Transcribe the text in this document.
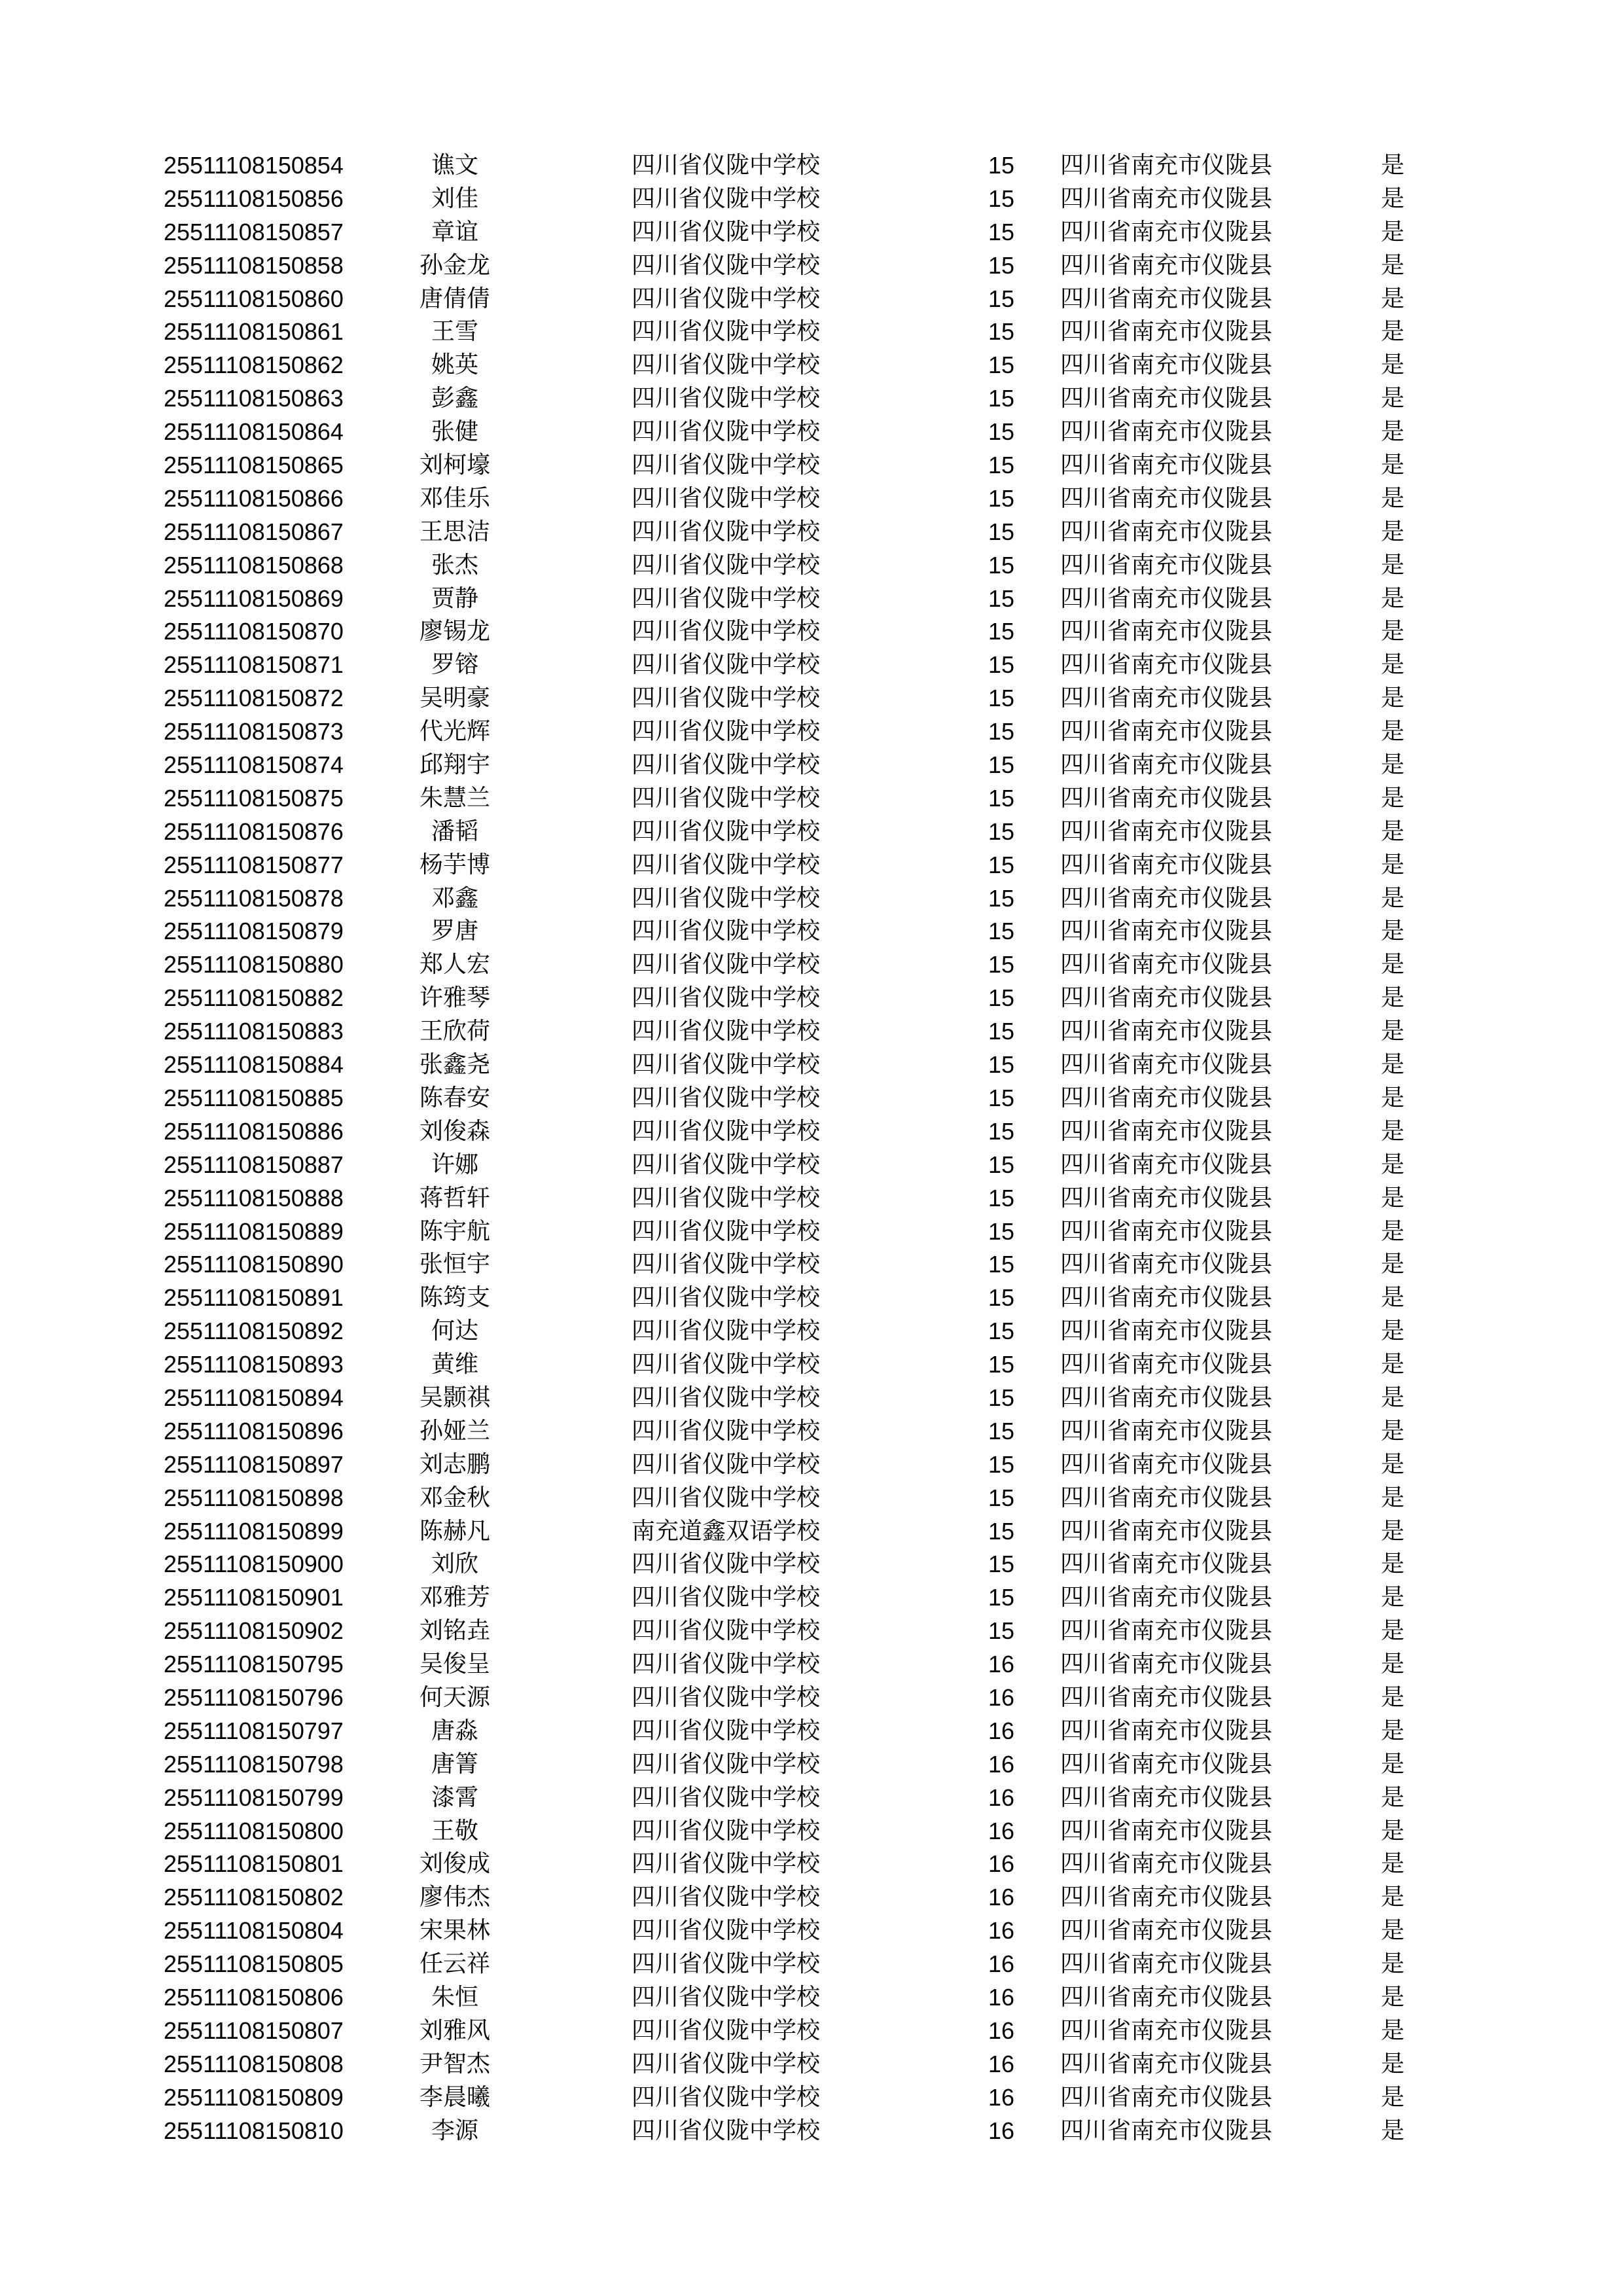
25511108150854	谯文	四川省仪陇中学校	15	四川省南充市仪陇县	是
25511108150856	刘佳	四川省仪陇中学校	15	四川省南充市仪陇县	是
25511108150857	章谊	四川省仪陇中学校	15	四川省南充市仪陇县	是
25511108150858	孙金龙	四川省仪陇中学校	15	四川省南充市仪陇县	是
25511108150860	唐倩倩	四川省仪陇中学校	15	四川省南充市仪陇县	是
25511108150861	王雪	四川省仪陇中学校	15	四川省南充市仪陇县	是
25511108150862	姚英	四川省仪陇中学校	15	四川省南充市仪陇县	是
25511108150863	彭鑫	四川省仪陇中学校	15	四川省南充市仪陇县	是
25511108150864	张健	四川省仪陇中学校	15	四川省南充市仪陇县	是
25511108150865	刘柯壕	四川省仪陇中学校	15	四川省南充市仪陇县	是
25511108150866	邓佳乐	四川省仪陇中学校	15	四川省南充市仪陇县	是
25511108150867	王思洁	四川省仪陇中学校	15	四川省南充市仪陇县	是
25511108150868	张杰	四川省仪陇中学校	15	四川省南充市仪陇县	是
25511108150869	贾静	四川省仪陇中学校	15	四川省南充市仪陇县	是
25511108150870	廖锡龙	四川省仪陇中学校	15	四川省南充市仪陇县	是
25511108150871	罗镕	四川省仪陇中学校	15	四川省南充市仪陇县	是
25511108150872	吴明豪	四川省仪陇中学校	15	四川省南充市仪陇县	是
25511108150873	代光辉	四川省仪陇中学校	15	四川省南充市仪陇县	是
25511108150874	邱翔宇	四川省仪陇中学校	15	四川省南充市仪陇县	是
25511108150875	朱慧兰	四川省仪陇中学校	15	四川省南充市仪陇县	是
25511108150876	潘韬	四川省仪陇中学校	15	四川省南充市仪陇县	是
25511108150877	杨芋博	四川省仪陇中学校	15	四川省南充市仪陇县	是
25511108150878	邓鑫	四川省仪陇中学校	15	四川省南充市仪陇县	是
25511108150879	罗唐	四川省仪陇中学校	15	四川省南充市仪陇县	是
25511108150880	郑人宏	四川省仪陇中学校	15	四川省南充市仪陇县	是
25511108150882	许雅琴	四川省仪陇中学校	15	四川省南充市仪陇县	是
25511108150883	王欣荷	四川省仪陇中学校	15	四川省南充市仪陇县	是
25511108150884	张鑫尧	四川省仪陇中学校	15	四川省南充市仪陇县	是
25511108150885	陈春安	四川省仪陇中学校	15	四川省南充市仪陇县	是
25511108150886	刘俊森	四川省仪陇中学校	15	四川省南充市仪陇县	是
25511108150887	许娜	四川省仪陇中学校	15	四川省南充市仪陇县	是
25511108150888	蒋哲轩	四川省仪陇中学校	15	四川省南充市仪陇县	是
25511108150889	陈宇航	四川省仪陇中学校	15	四川省南充市仪陇县	是
25511108150890	张恒宇	四川省仪陇中学校	15	四川省南充市仪陇县	是
25511108150891	陈筠支	四川省仪陇中学校	15	四川省南充市仪陇县	是
25511108150892	何达	四川省仪陇中学校	15	四川省南充市仪陇县	是
25511108150893	黄维	四川省仪陇中学校	15	四川省南充市仪陇县	是
25511108150894	吴颢祺	四川省仪陇中学校	15	四川省南充市仪陇县	是
25511108150896	孙娅兰	四川省仪陇中学校	15	四川省南充市仪陇县	是
25511108150897	刘志鹏	四川省仪陇中学校	15	四川省南充市仪陇县	是
25511108150898	邓金秋	四川省仪陇中学校	15	四川省南充市仪陇县	是
25511108150899	陈赫凡	南充道鑫双语学校	15	四川省南充市仪陇县	是
25511108150900	刘欣	四川省仪陇中学校	15	四川省南充市仪陇县	是
25511108150901	邓雅芳	四川省仪陇中学校	15	四川省南充市仪陇县	是
25511108150902	刘铭垚	四川省仪陇中学校	15	四川省南充市仪陇县	是
25511108150795	吴俊呈	四川省仪陇中学校	16	四川省南充市仪陇县	是
25511108150796	何天源	四川省仪陇中学校	16	四川省南充市仪陇县	是
25511108150797	唐淼	四川省仪陇中学校	16	四川省南充市仪陇县	是
25511108150798	唐箐	四川省仪陇中学校	16	四川省南充市仪陇县	是
25511108150799	漆霄	四川省仪陇中学校	16	四川省南充市仪陇县	是
25511108150800	王敬	四川省仪陇中学校	16	四川省南充市仪陇县	是
25511108150801	刘俊成	四川省仪陇中学校	16	四川省南充市仪陇县	是
25511108150802	廖伟杰	四川省仪陇中学校	16	四川省南充市仪陇县	是
25511108150804	宋果林	四川省仪陇中学校	16	四川省南充市仪陇县	是
25511108150805	任云祥	四川省仪陇中学校	16	四川省南充市仪陇县	是
25511108150806	朱恒	四川省仪陇中学校	16	四川省南充市仪陇县	是
25511108150807	刘雅风	四川省仪陇中学校	16	四川省南充市仪陇县	是
25511108150808	尹智杰	四川省仪陇中学校	16	四川省南充市仪陇县	是
25511108150809	李晨曦	四川省仪陇中学校	16	四川省南充市仪陇县	是
25511108150810	李源	四川省仪陇中学校	16	四川省南充市仪陇县	是
